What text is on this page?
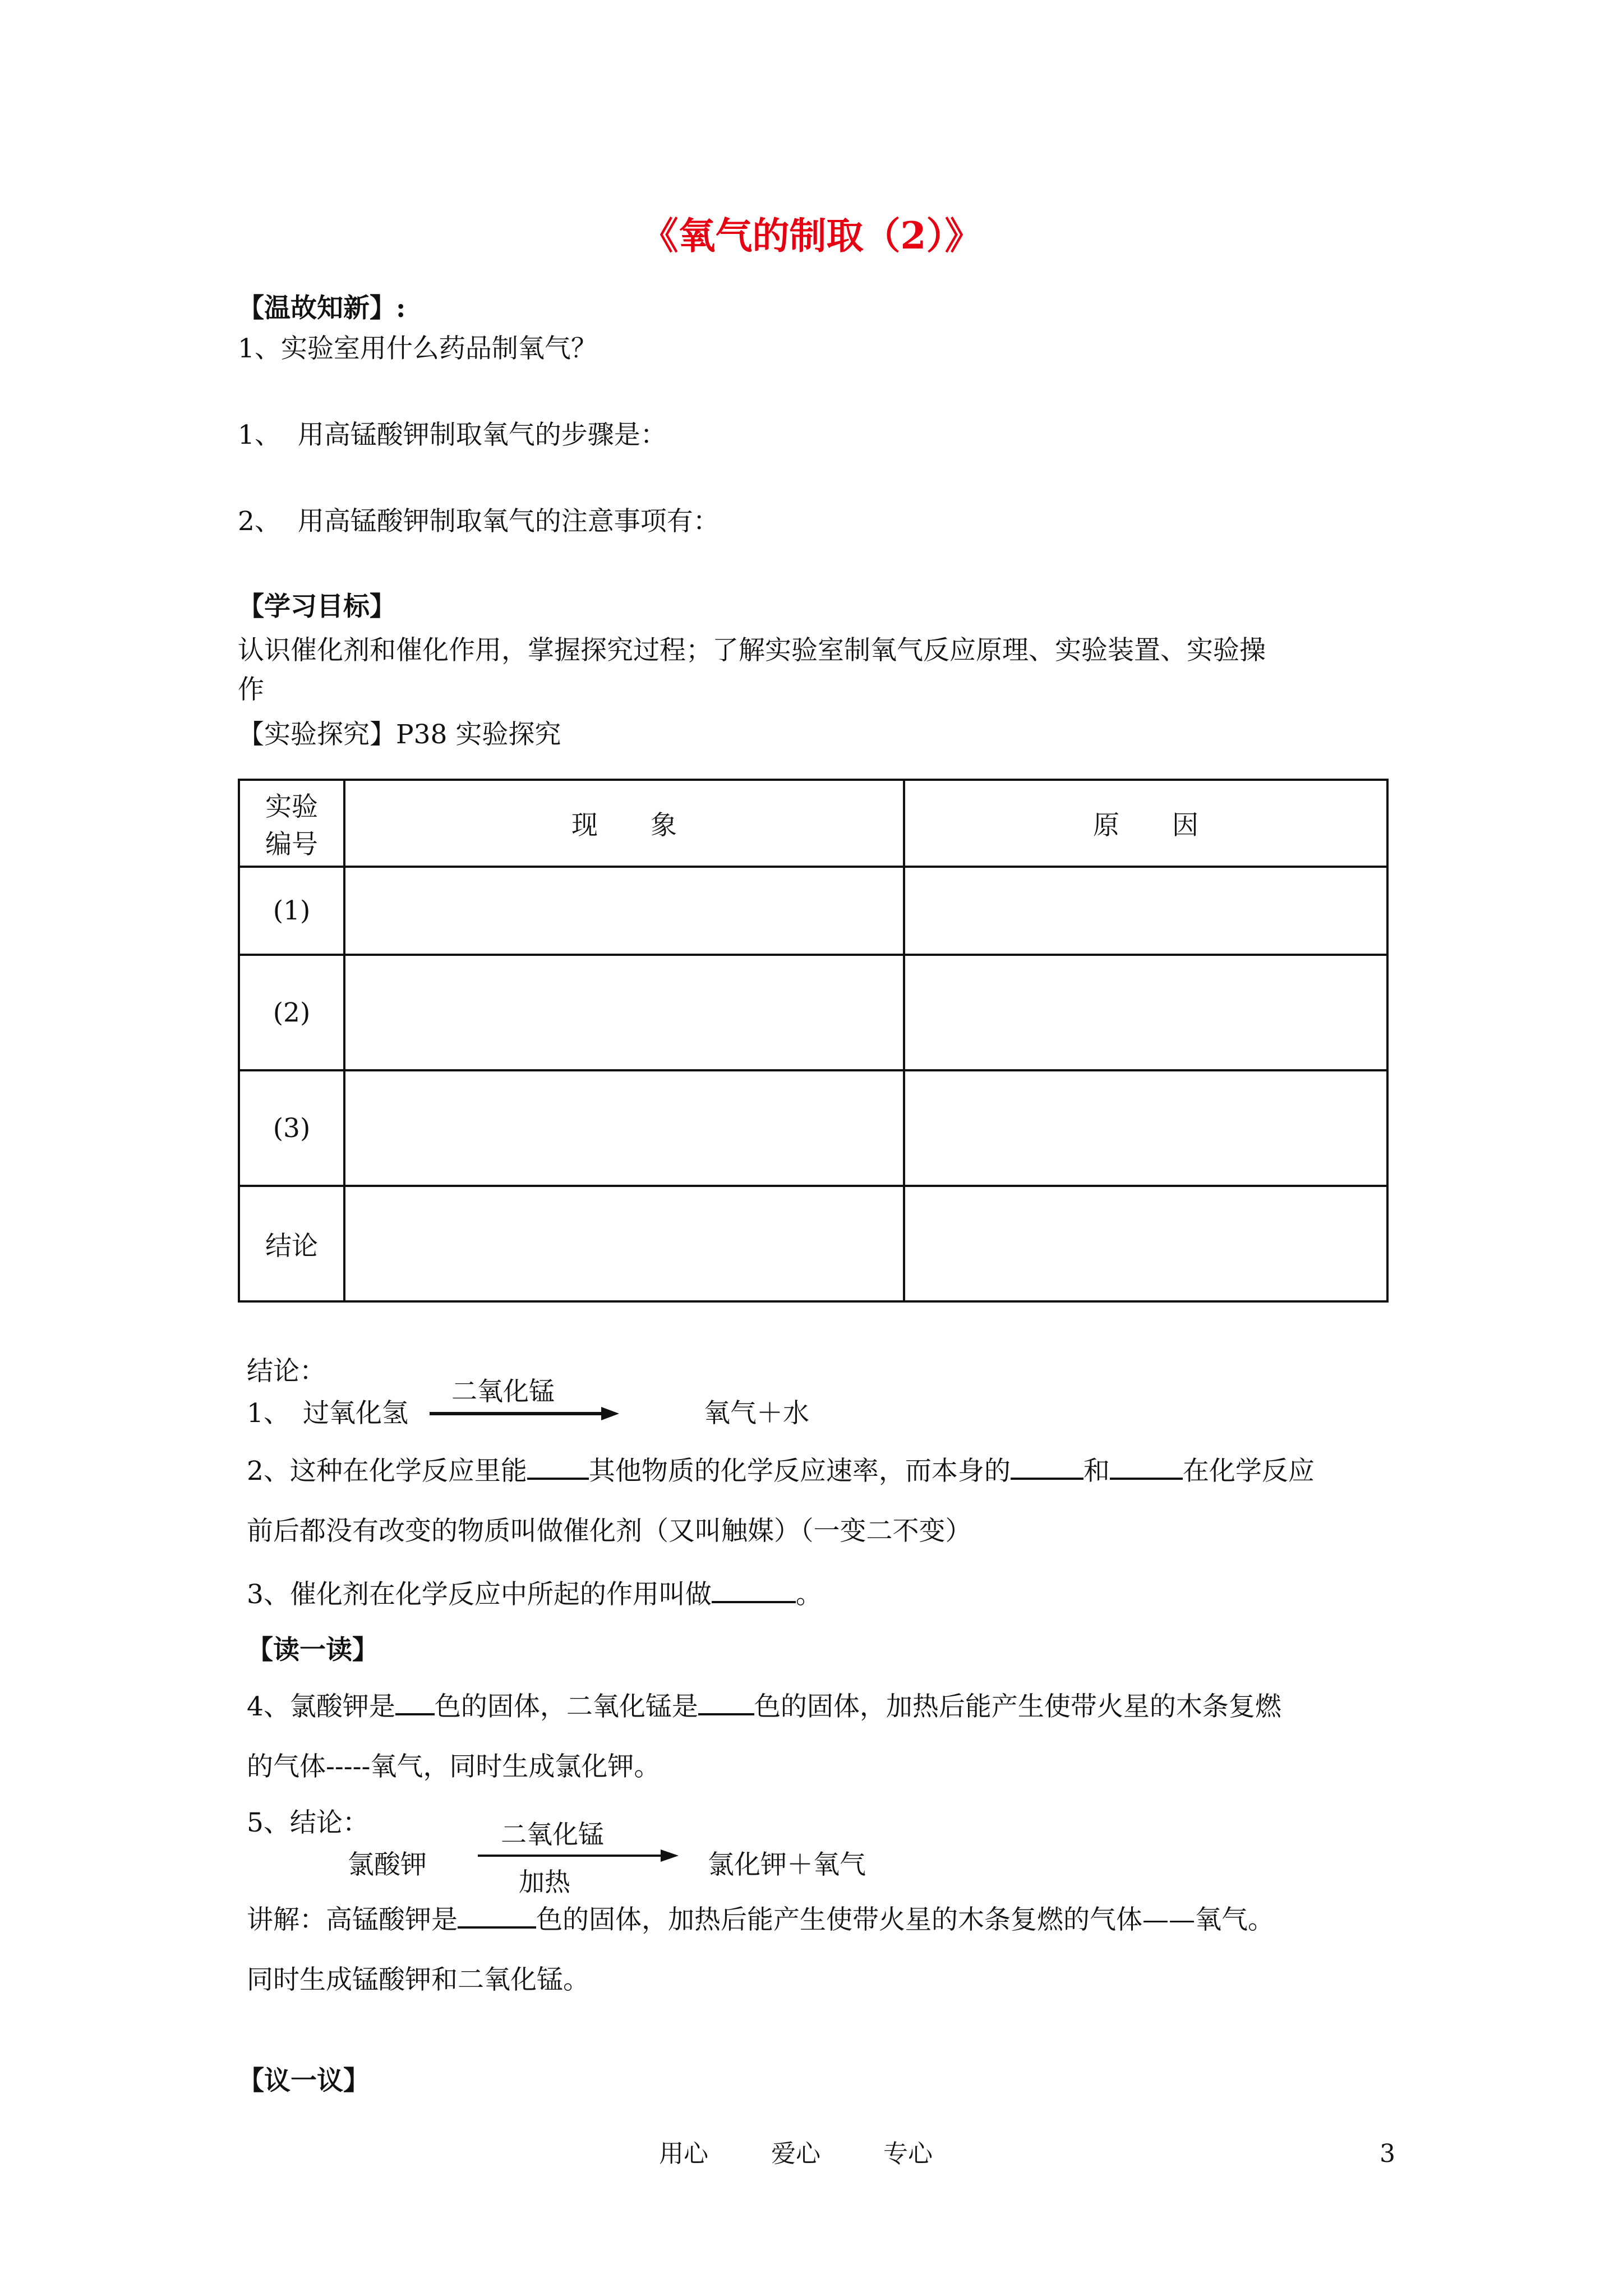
《氧气的制取（2）》
【温故知新】:
1、实验室用什么药品制氧气？
1、  用高锰酸钾制取氧气的步骤是：
2、  用高锰酸钾制取氧气的注意事项有：
【学习目标】
认识催化剂和催化作用，掌握探究过程；了解实验室制氧气反应原理、实验装置、实验操
作
【实验探究】P38 实验探究
实验
编号	现　　象	原　　因
(1)		
(2)		
(3)		
结论		
结论：
1、 过氧化氢
二氧化锰
氧气＋水
2、这种在化学反应里能 其他物质的化学反应速率，而本身的	和	在化学反应
前后都没有改变的物质叫做催化剂（又叫触媒）（一变二不变）
3、催化剂在化学反应中所起的作用叫做	。
【读一读】
4、氯酸钾是 色的固体，二氧化锰是 色的固体，加热后能产生使带火星的木条复燃
的气体-----氧气，同时生成氯化钾。
5、结论：
氯酸钾
二氧化锰
加热
氯化钾＋氧气
讲解：高锰酸钾是	色的固体，加热后能产生使带火星的木条复燃的气体——氧气。
同时生成锰酸钾和二氧化锰。
【议一议】
用心	爱心	专心	3
